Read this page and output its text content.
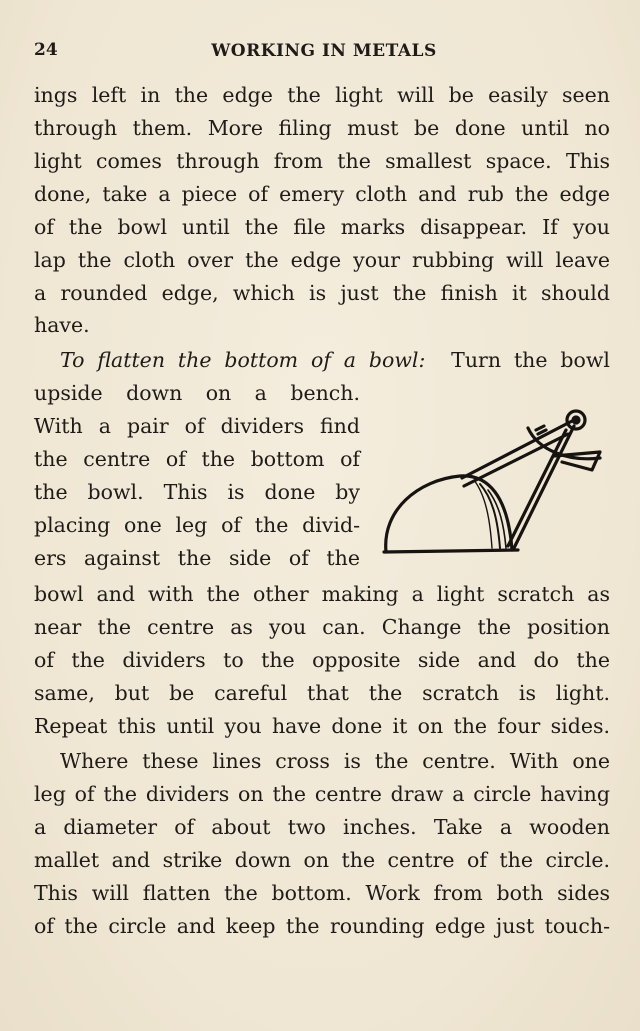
24	WORKING IN METALS
ings left in the edge the light will be easily seen
through them. More filing must be done until no
light comes through from the smallest space. This
done, take a piece of emery cloth and rub the edge
of the bowl until the file marks disappear. If you
lap the cloth over the edge your rubbing will leave
a rounded edge, which is just the finish it should
have.
To flatten the bottom of a bowl: Turn the bowl
upside down on a bench.
With a pair of dividers find
the centre of the bottom of
the bowl. This is done by
placing one leg of the divid-
ers against the side of the
bowl and with the other making a light scratch as
near the centre as you can. Change the position
of the dividers to the opposite side and do the
same, but be careful that the scratch is light.
Repeat this until you have done it on the four sides.
Where these lines cross is the centre. With one
leg of the dividers on the centre draw a circle having
a diameter of about two inches. Take a wooden
mallet and strike down on the centre of the circle.
This will flatten the bottom. Work from both sides
of the circle and keep the rounding edge just touch-
